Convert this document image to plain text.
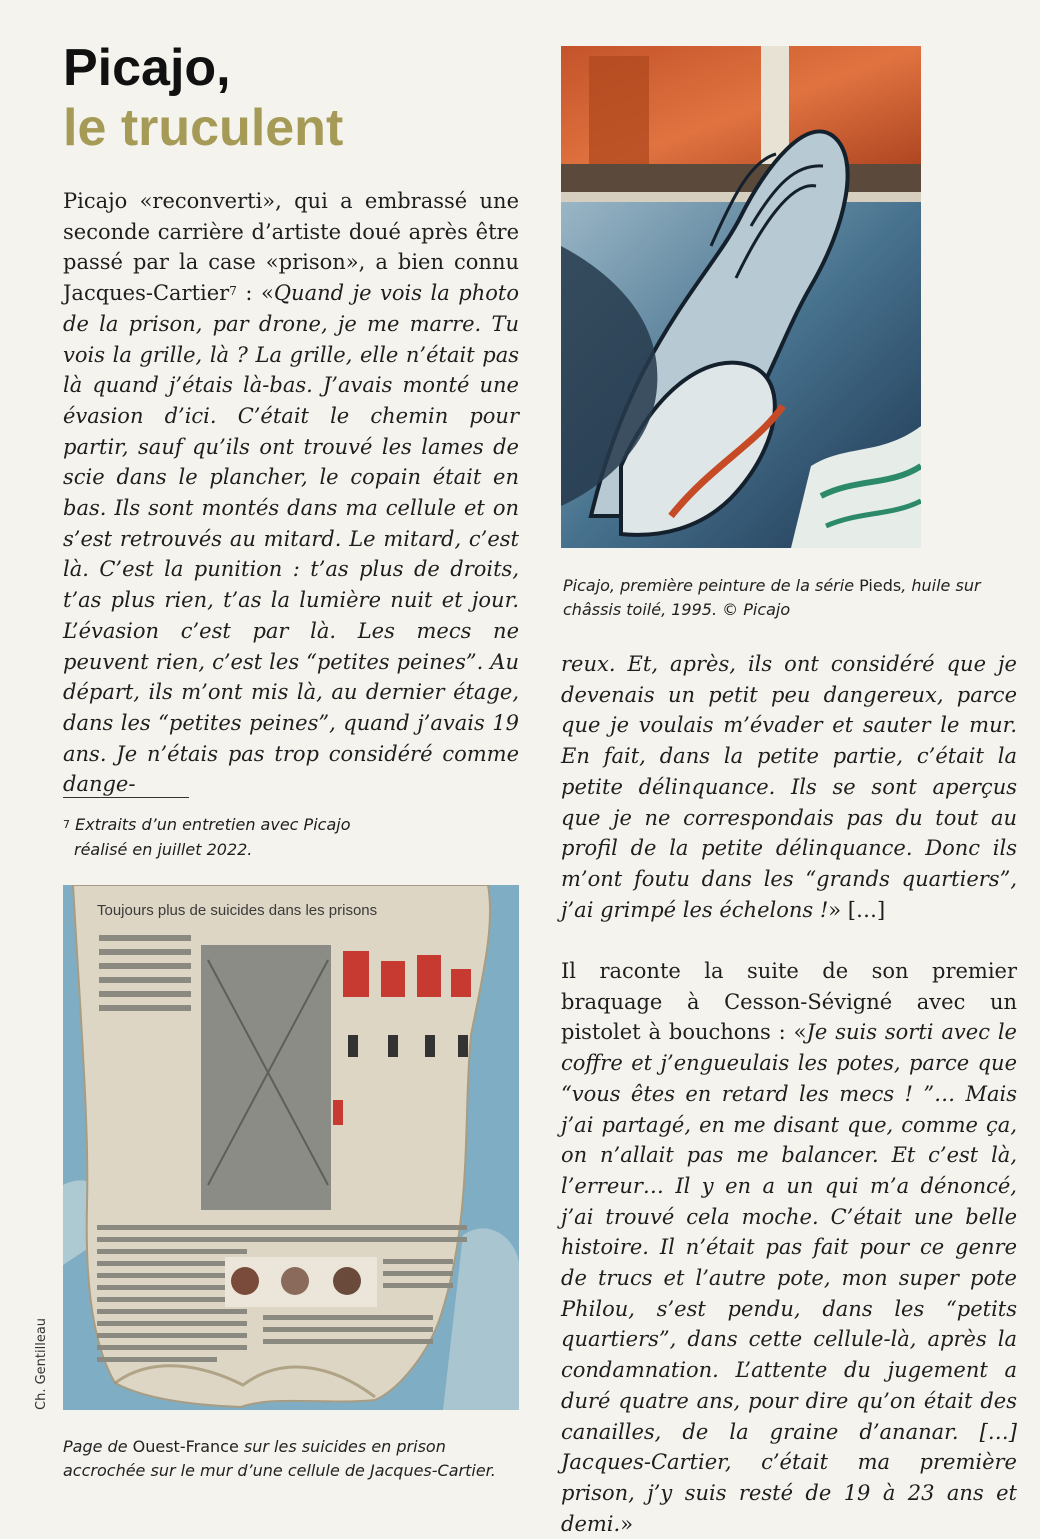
Picajo,
le truculent

Picajo «reconverti», qui a embrassé une seconde carrière d’artiste doué après être passé par la case «prison», a bien connu Jacques-Cartier$^7$ : «Quand je vois la photo de la prison, par drone, je me marre. Tu vois la grille, là ? La grille, elle n’était pas là quand j’étais là-bas. J’avais monté une évasion d’ici. C’était le chemin pour partir, sauf qu’ils ont trouvé les lames de scie dans le plancher, le copain était en bas. Ils sont montés dans ma cellule et on s’est retrouvés au mitard. Le mitard, c’est là. C’est la punition : t’as plus de droits, t’as plus rien, t’as la lumière nuit et jour. L’évasion c’est par là. Les mecs ne peuvent rien, c’est les “petites peines”. Au départ, ils m’ont mis là, au dernier étage, dans les “petites peines”, quand j’avais 19 ans. Je n’étais pas trop considéré comme dange-

$^7$ Extraits d’un entretien avec Picajo
réalisé en juillet 2022.

Picajo, première peinture de la série Pieds, huile sur châssis toilé, 1995. © Picajo

reux. Et, après, ils ont considéré que je devenais un petit peu dangereux, parce que je voulais m’évader et sauter le mur. En fait, dans la petite partie, c’était la petite délinquance. Ils se sont aperçus que je ne correspondais pas du tout au profil de la petite délinquance. Donc ils m’ont foutu dans les “grands quartiers”, j’ai grimpé les échelons !» […]

Il raconte la suite de son premier braquage à Cesson-Sévigné avec un pistolet à bouchons : «Je suis sorti avec le coffre et j’engueulais les potes, parce que “vous êtes en retard les mecs ! ”… Mais j’ai partagé, en me disant que, comme ça, on n’allait pas me balancer. Et c’est là, l’erreur… Il y en a un qui m’a dénoncé, j’ai trouvé cela moche. C’était une belle histoire. Il n’était pas fait pour ce genre de trucs et l’autre pote, mon super pote Philou, s’est pendu, dans les “petits quartiers”, dans cette cellule-là, après la condamnation. L’attente du jugement a duré quatre ans, pour dire qu’on était des canailles, de la graine d’ananar. […] Jacques-Cartier, c’était ma première prison, j’y suis resté de 19 à 23 ans et demi.»

Toujours plus de suicides dans les prisons

Page de Ouest-France sur les suicides en prison accrochée sur le mur d’une cellule de Jacques-Cartier.

Ch. Gentilleau
